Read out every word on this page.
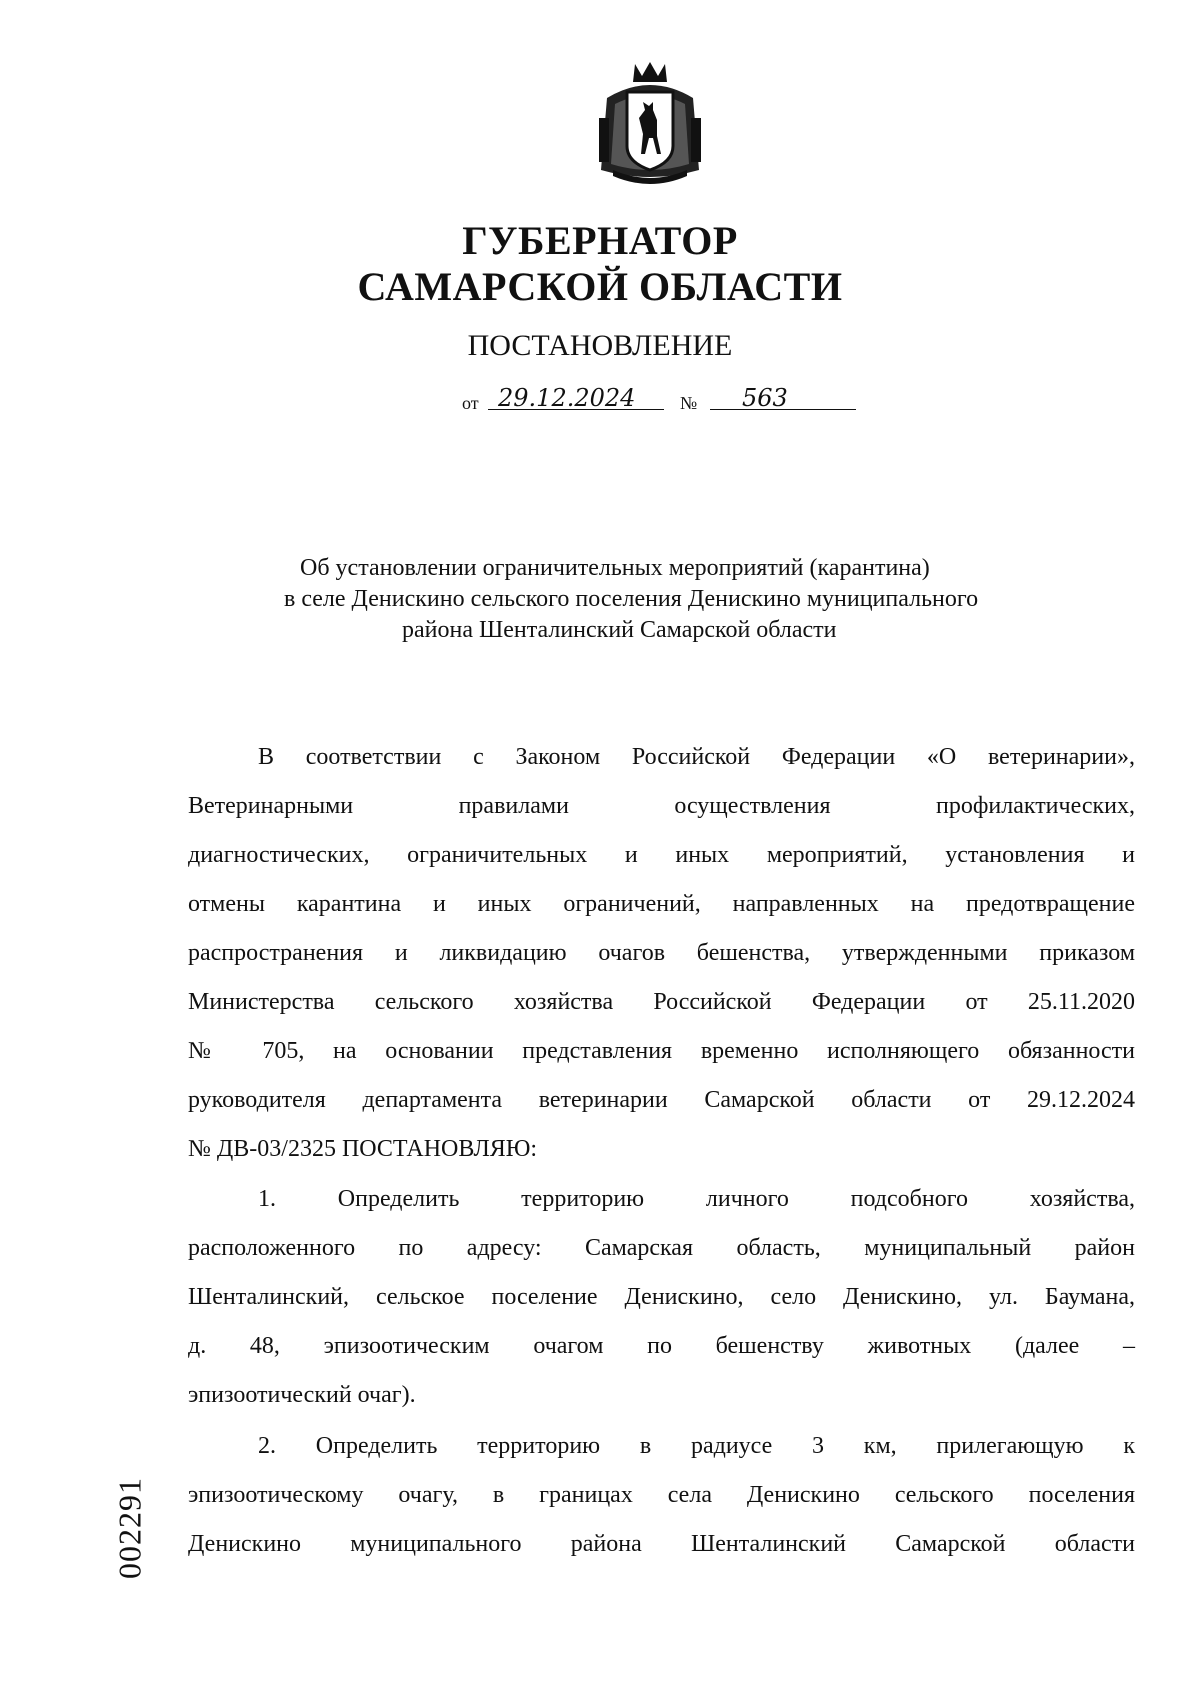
ГУБЕРНАТОР
САМАРСКОЙ ОБЛАСТИ
ПОСТАНОВЛЕНИЕ
от 29.12.2024 № 563
Об установлении ограничительных мероприятий (карантина)
в селе Денискино сельского поселения Денискино муниципального
района Шенталинский Самарской области
В соответствии с Законом Российской Федерации «О ветеринарии»,
Ветеринарными правилами осуществления профилактических,
диагностических, ограничительных и иных мероприятий, установления и
отмены карантина и иных ограничений, направленных на предотвращение
распространения и ликвидацию очагов бешенства, утвержденными приказом
Министерства сельского хозяйства Российской Федерации от 25.11.2020
№ 705, на основании представления временно исполняющего обязанности
руководителя департамента ветеринарии Самарской области от 29.12.2024
№ ДВ-03/2325 ПОСТАНОВЛЯЮ:
1. Определить территорию личного подсобного хозяйства,
расположенного по адресу: Самарская область, муниципальный район
Шенталинский, сельское поселение Денискино, село Денискино, ул. Баумана,
д. 48, эпизоотическим очагом по бешенству животных (далее –
эпизоотический очаг).
2. Определить территорию в радиусе 3 км, прилегающую к
эпизоотическому очагу, в границах села Денискино сельского поселения
Денискино муниципального района Шенталинский Самарской области
002291
